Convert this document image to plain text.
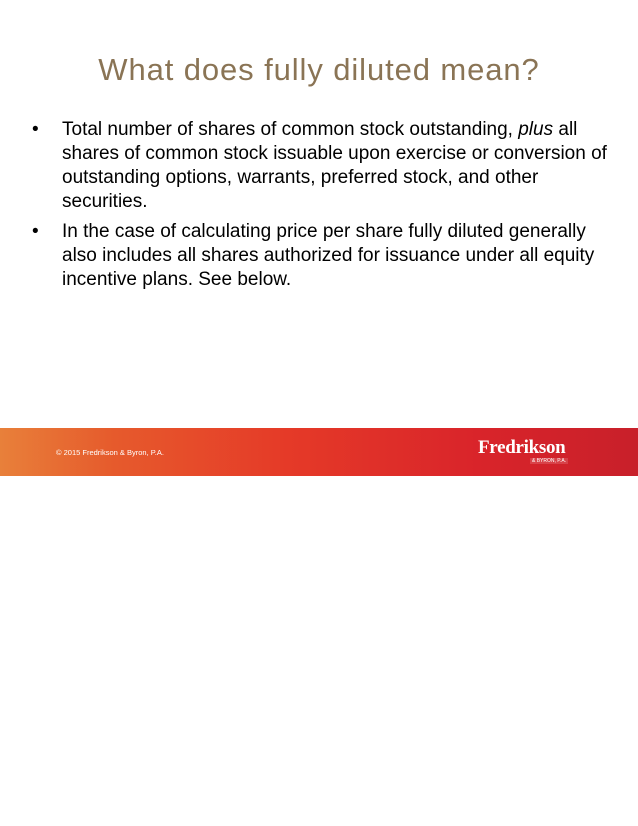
What does fully diluted mean?
• Total number of shares of common stock outstanding, plus all shares of common stock issuable upon exercise or conversion of outstanding options, warrants, preferred stock, and other securities.
• In the case of calculating price per share fully diluted generally also includes all shares authorized for issuance under all equity incentive plans. See below.
© 2015 Fredrikson & Byron, P.A.	Fredrikson
& BYRON, P.A.
